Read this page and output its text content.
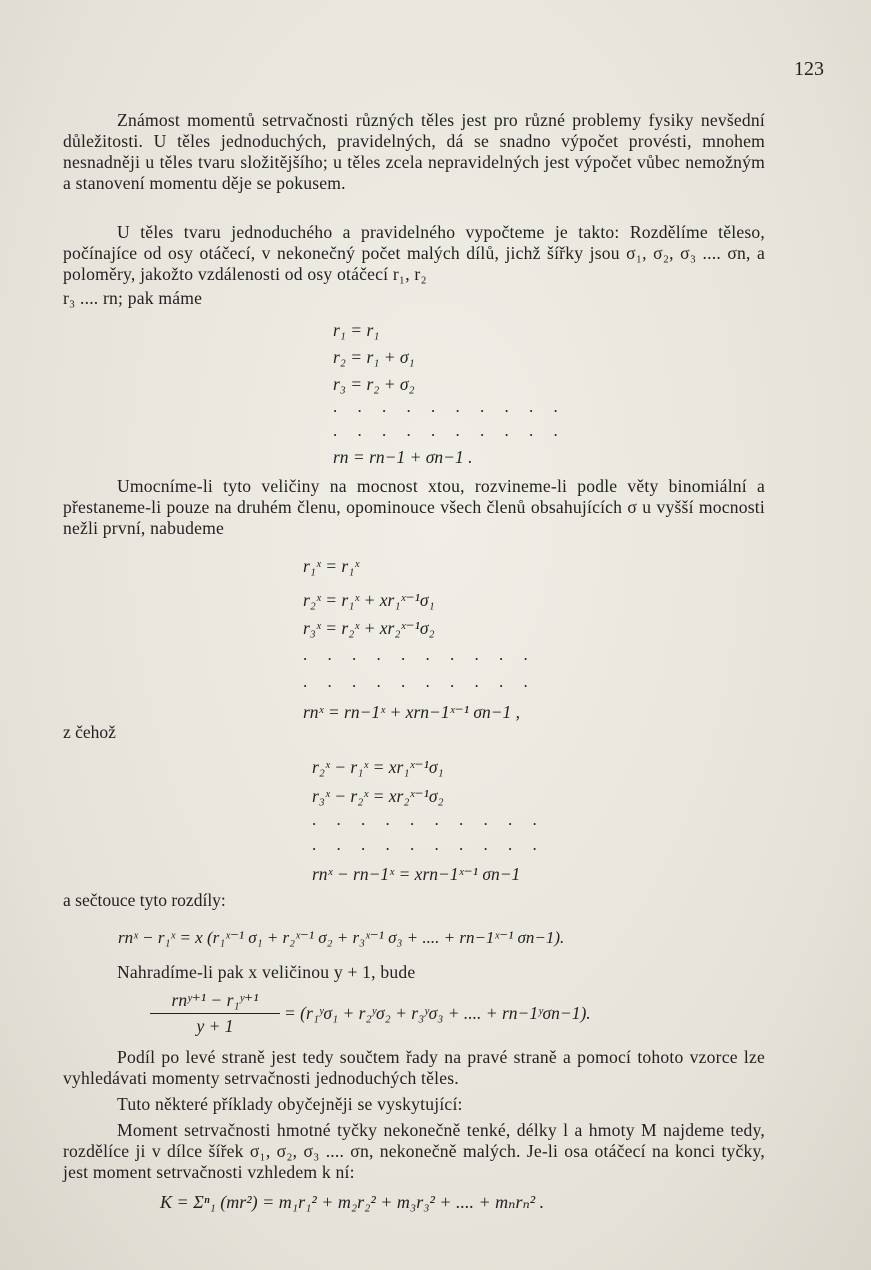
123
Známost momentů setrvačnosti různých těles jest pro různé problemy fysiky nevšední důležitosti. U těles jednoduchých, pravidelných, dá se snadno výpočet provésti, mnohem nesnadněji u těles tvaru složitějšího; u těles zcela nepravidelných jest výpočet vůbec nemožným a stanovení momentu děje se pokusem.
U těles tvaru jednoduchého a pravidelného vypočteme je takto: Rozdělíme těleso, počínajíce od osy otáčecí, v nekonečný počet malých dílů, jichž šířky jsou σ₁, σ₂, σ₃ .... σn, a poloměry, jakožto vzdálenosti od osy otáčecí r₁, r₂
r₃ .... rn; pak máme
r₁ = r₁
r₂ = r₁ + σ₁
r₃ = r₂ + σ₂
. . . . . . . . . .
. . . . . . . . . .
rn = rn−1 + σn−1 .
Umocníme-li tyto veličiny na mocnost xtou, rozvineme-li podle věty binomiální a přestaneme-li pouze na druhém členu, opominouce všech členů obsahujících σ u vyšší mocnosti nežli první, nabudeme
r₁ˣ = r₁ˣ
r₂ˣ = r₁ˣ + xr₁ˣ⁻¹σ₁
r₃ˣ = r₂ˣ + xr₂ˣ⁻¹σ₂
. . . . . . . . . .
. . . . . . . . . .
rnˣ = rn−1ˣ + xrn−1ˣ⁻¹ σn−1 ,
z čehož
r₂ˣ − r₁ˣ = xr₁ˣ⁻¹σ₁
r₃ˣ − r₂ˣ = xr₂ˣ⁻¹σ₂
. . . . . . . . . .
. . . . . . . . . .
rnˣ − rn−1ˣ = xrn−1ˣ⁻¹ σn−1
a sečtouce tyto rozdíly:
rnˣ − r₁ˣ = x (r₁ˣ⁻¹ σ₁ + r₂ˣ⁻¹ σ₂ + r₃ˣ⁻¹ σ₃ + .... + rn−1ˣ⁻¹ σn−1).
Nahradíme-li pak x veličinou y + 1, bude
rnʸ⁺¹ − r₁ʸ⁺¹
y + 1
= (r₁ʸσ₁ + r₂ʸσ₂ + r₃ʸσ₃ + .... + rn−1ʸσn−1).
Podíl po levé straně jest tedy součtem řady na pravé straně a pomocí tohoto vzorce lze vyhledávati momenty setrvačnosti jednoduchých těles.
Tuto některé příklady obyčejněji se vyskytující:
Moment setrvačnosti hmotné tyčky nekonečně tenké, délky l a hmoty M najdeme tedy, rozdělíce ji v dílce šířek σ₁, σ₂, σ₃ .... σn, nekonečně malých. Je-li osa otáčecí na konci tyčky, jest moment setrvačnosti vzhledem k ní:
K = Σⁿ₁ (mr²) = m₁r₁² + m₂r₂² + m₃r₃² + .... + mₙrₙ² .
